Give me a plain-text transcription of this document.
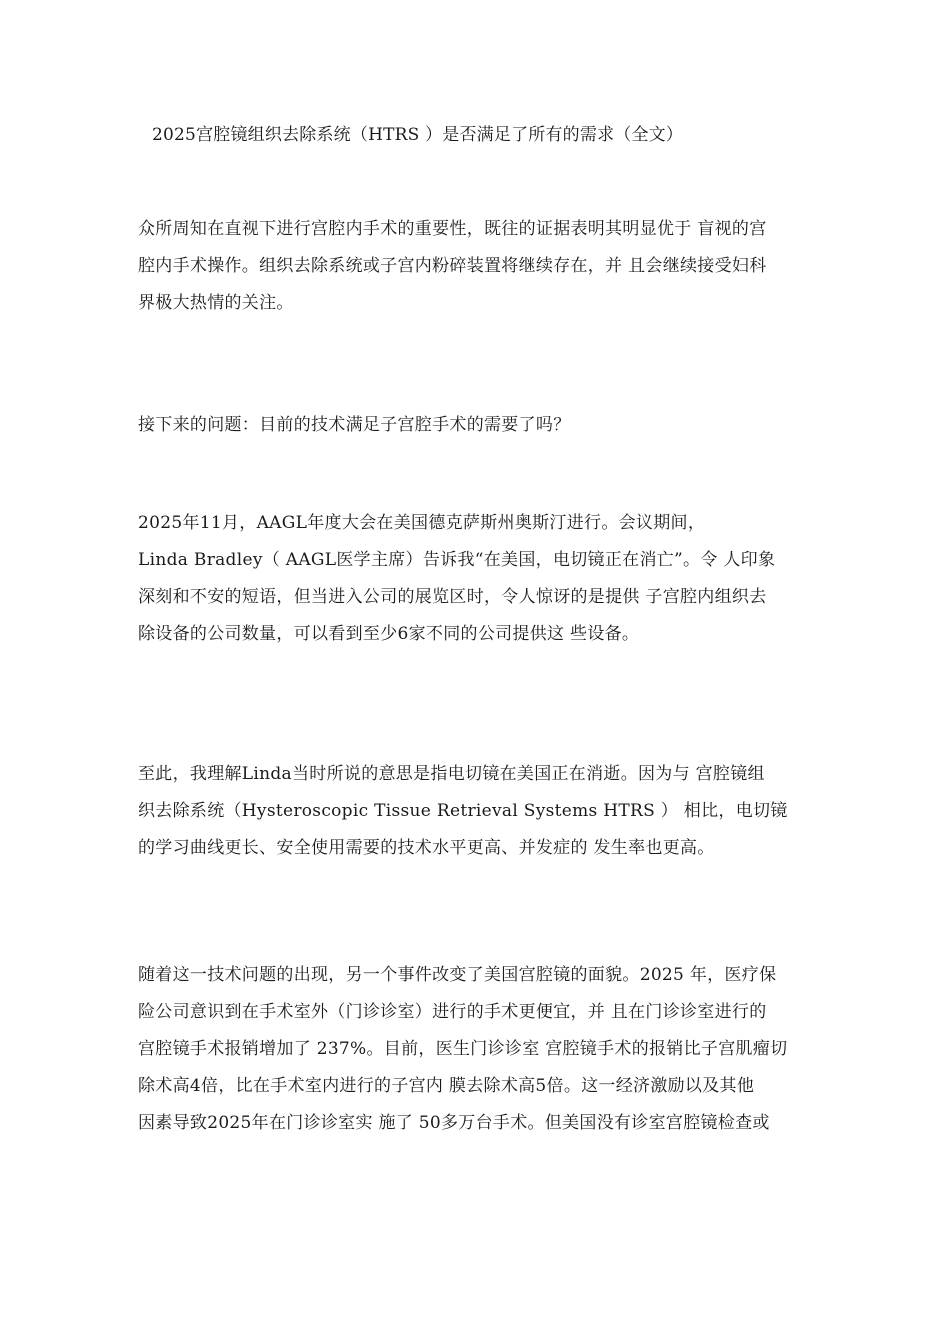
2025宫腔镜组织去除系统（HTRS ）是否满足了所有的需求（全文）
众所周知在直视下进行宫腔内手术的重要性，既往的证据表明其明显优于 盲视的宫
腔内手术操作。组织去除系统或子宫内粉碎装置将继续存在，并 且会继续接受妇科
界极大热情的关注。
接下来的问题：目前的技术满足子宫腔手术的需要了吗？
2025年11月，AAGL年度大会在美国德克萨斯州奥斯汀进行。会议期间，
Linda Bradley（ AAGL医学主席）告诉我“在美国，电切镜正在消亡”。令 人印象
深刻和不安的短语，但当进入公司的展览区时，令人惊讶的是提供 子宫腔内组织去
除设备的公司数量，可以看到至少6家不同的公司提供这 些设备。
至此，我理解Linda当时所说的意思是指电切镜在美国正在消逝。因为与 宫腔镜组
织去除系统（Hysteroscopic Tissue Retrieval Systems HTRS ） 相比，电切镜
的学习曲线更长、安全使用需要的技术水平更高、并发症的 发生率也更高。
随着这一技术问题的出现，另一个事件改变了美国宫腔镜的面貌。2025 年，医疗保
险公司意识到在手术室外（门诊诊室）进行的手术更便宜，并 且在门诊诊室进行的
宫腔镜手术报销增加了 237%。目前，医生门诊诊室 宫腔镜手术的报销比子宫肌瘤切
除术高4倍，比在手术室内进行的子宫内 膜去除术高5倍。这一经济激励以及其他
因素导致2025年在门诊诊室实 施了 50多万台手术。但美国没有诊室宫腔镜检查或
